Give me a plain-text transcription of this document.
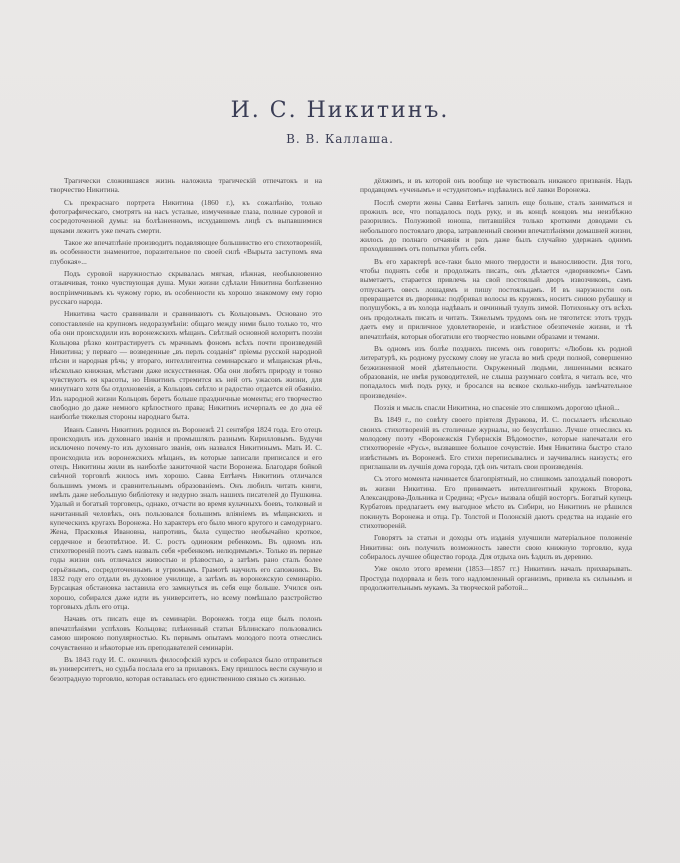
И. С. Никитинъ.
В. В. Каллаша.

Трагически сложившаяся жизнь наложила трагическій отпечатокъ и на творчество Никитина.

Съ прекраснаго портрета Никитина (1860 г.), къ сожалѣнію, только фотографическаго, смотрятъ на насъ усталые, измученные глаза, полные суровой и сосредоточенной думы: на болѣзненномъ, исхудавшемъ лицѣ съ выпавшимися щеками лежитъ уже печать смерти.

Такое же впечатлѣніе производитъ подавляющее большинство его стихотвореній, въ особенности знаменитое, поразительное по своей силѣ «Вырыта заступомъ яма глубокая»...

Подъ суровой наружностью скрывалась мягкая, нѣжная, необыкновенно отзывчивая, тонко чувствующая душа. Муки жизни сдѣлали Никитина болѣзненно воспріимчивымъ къ чужому горю, въ особенности къ хорошо знакомому ему горю русскаго народа.

Никитина часто сравнивали и сравниваютъ съ Кольцовымъ. Основано это сопоставленіе на крупномъ недоразумѣніи: общаго между ними было только то, что оба они происходили изъ воронежскихъ мѣщанъ. Свѣтлый основной колоритъ поэзіи Кольцова рѣзко контрастируетъ съ мрачнымъ фономъ всѣхъ почти произведеній Никитина; у перваго — возведенные „въ перлъ созданія“ пріемы русской народной пѣсни и народная рѣчь; у втораго, интеллигентна семинарскаго и мѣщанская рѣчь, нѣсколько книжная, мѣстами даже искусственная. Оба они любятъ природу и тонко чувствуютъ ея красоты, но Никитинъ стремится къ ней отъ ужасовъ жизни, для минутнаго хотя бы отдохновенія, а Кольцовъ свѣтло и радостно отдается ей обаянію. Изъ народной жизни Кольцовъ беретъ больше праздничные моменты; его творчество свободно до даже немного крѣпостного права; Никитинъ исчерпалъ ее до дна её наиболѣе тяжелыя стороны народнаго быта.

Иванъ Савичъ Никитинъ родился въ Воронежѣ 21 сентября 1824 года. Его отецъ происходилъ изъ духовнаго званія и промышлялъ разнымъ Кирилловымъ. Будучи исключено почему-то изъ духовнаго званія, онъ назвался Никитинымъ. Мать И. С. происходила изъ воронежскихъ мѣщанъ, въ которые записали приписался и его отецъ. Никитины жили въ наиболѣе зажиточной части Воронежа. Благодаря бойкой свѣчной торговлѣ жилось имъ хорошо. Савва Евтѣичъ Никитинъ отличался большимъ умомъ и сравнительнымъ образованіемъ. Онъ любилъ читать книги, имѣлъ даже небольшую библіотеку и недурно зналъ нашихъ писателей до Пушкина. Удалый и богатый торговецъ, однако, отчасти во время кулачныхъ боевъ, толковый и начитанный человѣкъ, онъ пользовался большимъ вліяніемъ въ мѣщанскихъ и купеческихъ кругахъ Воронежа. Но характеръ его было много крутого и самодурнаго. Жена, Прасковья Ивановна, напротивъ, была существо необычайно кроткое, сердечное и безотвѣтное. И. С. ростъ одиноким ребенкомъ. Въ одномъ изъ стихотвореній поэтъ самъ назвалъ себя «ребенкомъ нелюдимымъ». Только въ первые годы жизни онъ отличался живостью и рѣзвостью, а затѣмъ рано сталъ более серьёзнымъ, сосредоточеннымъ и угрюмымъ. Грамотѣ научилъ его сапожникъ. Въ 1832 году его отдали въ духовное училище, а затѣмъ въ воронежскую семинарію. Бурсацкая обстановка заставила его замкнуться въ себя еще больше. Учился онъ хорошо, собирался даже идти въ университетъ, но всему помѣшало разстройство торговыхъ дѣлъ его отца.

Начавъ отъ писать еще въ семинаріи. Воронежъ тогда еще былъ полонъ впечатлѣніями успѣховъ Кольцова; плѣненный статьи Бѣлинскаго пользовались самою широкою популярностью. Къ первымъ опытамъ молодого поэта отнеслись сочувственно и нѣкоторые изъ преподавателей семинаріи.

Въ 1843 году И. С. окончилъ философскій курсъ и собирался было отправиться въ университетъ, но судьба послала его за прилавокъ. Ему пришлось вести скучную и безотрадную торговлю, которая оставалась его единственною связью съ жизнью.

дёлжимъ, и въ которой онъ вообще не чувствовалъ никакого призванія. Надъ продавцомъ «ученымъ» и «студентомъ» издѣвались всё лавки Воронежа.

Послѣ смерти жены Савва Евтѣичъ запилъ еще больше, сталъ заниматься и прожилъ все, что попадалось подъ руку, и въ концѣ концовъ мы неизбѣжно разорились. Полуживой юноша, питавшійся только кроткими доводами съ небольшого постоялаго двора, затравленный своими впечатлѣніями домашней жизни, жилось до полнаго отчаянія и разъ даже былъ случайно удержанъ однимъ проходившимъ отъ попытки убить себя.

Въ его характерѣ все-таки было много твердости и выносливости. Для того, чтобы поднять себя и продолжать писать, онъ дѣлается «дворникомъ» Самъ выметаетъ, старается привлечь на свой постоялый дворъ извозчиковъ, самъ отпускаетъ овесъ лошадямъ и пишу постояльцамъ. И въ наружности онъ превращается въ дворника: подбривал волосы въ кружокъ, носитъ синюю рубашку и полушубокъ, а въ холода надѣвалъ и овчинный тулупъ зимой. Потихоньку отъ всѣхъ онъ продолжалъ писать и читать. Тяжелымъ трудомъ онъ не тяготится: этотъ трудъ даетъ ему и приличное удовлетвореніе, и извѣстное обезпеченіе жизни, и тѣ впечатлѣнія, которыя обогатили его творчество новыми образами и темами.

Въ одномъ изъ болѣе позднихъ писемъ онъ говоритъ: «Любовь къ родной литературѣ, къ родному русскому слову не угасла во мнѣ среди полной, совершенно безжизненной моей дѣятельности. Окруженный людьми, лишенными всякаго образованія, не имѣя руководителей, не слыша разумнаго совѣта, я читалъ все, что попадалось мнѣ подъ руку, и бросался на всякое сколько-нибудь замѣчательное произведеніе».

Поэзія и мысль спасли Никитина, но спасеніе это слишкомъ дорогою цѣной...

Въ 1849 г., по совѣту своего пріятеля Дуракова, И. С. посылаетъ нѣсколько своихъ стихотвореній въ столичные журналы, но безуспѣшно. Лучше отнеслись къ молодому поэту «Воронежскія Губернскія Вѣдомости», которые напечатали его стихотвореніе «Русь», вызвавшее большое сочувствіе. Имя Никитина быстро стало извѣстнымъ въ Воронежѣ. Его стихи переписывались и заучивались наизусть; его приглашали въ лучшія дома города, гдѣ онъ читалъ свои произведенія.

Съ этого момента начинается благопріятный, но слишкомъ запоздалый поворотъ въ жизни Никитина. Его принимаетъ интеллигентный кружокъ Второва, Александрова-Дольника и Средина; «Русь» вызвала общій восторгъ. Богатый купецъ Курбатовъ предлагаетъ ему выгодное мѣсто въ Сибири, но Никитинъ не рѣшился покинуть Воронежа и отца. Гр. Толстой и Полонскій даютъ средства на изданіе его стихотвореній.

Говорятъ за статьи и доходы отъ изданія улучшили матеріальное положеніе Никитина: онъ получилъ возможность завести свою книжную торговлю, куда собиралось лучшее общество города. Для отдыха онъ ѣздилъ въ деревню.

Уже около этого времени (1853—1857 гг.) Никитинъ началъ прихварывать. Простуда подорвала и безъ того надломленный организмъ, привела къ сильнымъ и продолжительнымъ мукамъ. За творческой работой...
